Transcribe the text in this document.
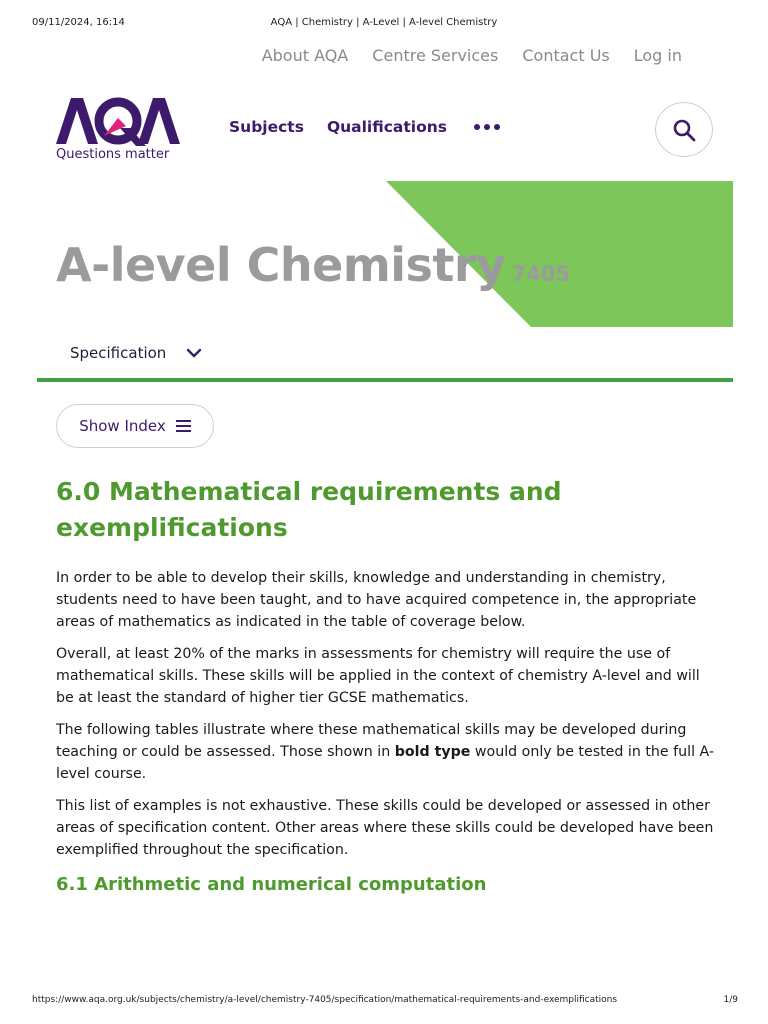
09/11/2024, 16:14	AQA | Chemistry | A-Level | A-level Chemistry
About AQA Centre Services Contact Us Log in
Questions matter
Subjects Qualifications
A-level Chemistry 7405
Specification
Show Index
6.0 Mathematical requirements and exemplifications

In order to be able to develop their skills, knowledge and understanding in chemistry, students need to have been taught, and to have acquired competence in, the appropriate areas of mathematics as indicated in the table of coverage below.

Overall, at least 20% of the marks in assessments for chemistry will require the use of mathematical skills. These skills will be applied in the context of chemistry A-level and will be at least the standard of higher tier GCSE mathematics.

The following tables illustrate where these mathematical skills may be developed during teaching or could be assessed. Those shown in bold type would only be tested in the full A-level course.

This list of examples is not exhaustive. These skills could be developed or assessed in other areas of specification content. Other areas where these skills could be developed have been exemplified throughout the specification.

6.1 Arithmetic and numerical computation
https://www.aqa.org.uk/subjects/chemistry/a-level/chemistry-7405/specification/mathematical-requirements-and-exemplifications	1/9
